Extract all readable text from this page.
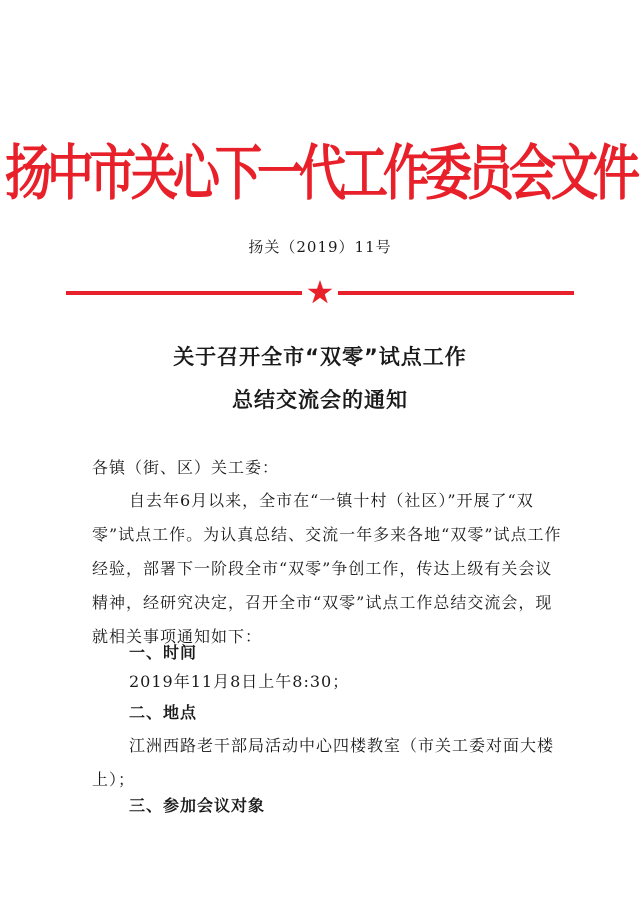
扬中市关心下一代工作委员会文件
扬关（2019）11号
关于召开全市“双零”试点工作
总结交流会的通知
各镇（街、区）关工委：
自去年6月以来，全市在“一镇十村（社区）”开展了“双零”试点工作。为认真总结、交流一年多来各地“双零”试点工作经验，部署下一阶段全市“双零”争创工作，传达上级有关会议精神，经研究决定，召开全市“双零”试点工作总结交流会，现就相关事项通知如下：
一、时间
2019年11月8日上午8:30；
二、地点
江洲西路老干部局活动中心四楼教室（市关工委对面大楼上）；
三、参加会议对象
